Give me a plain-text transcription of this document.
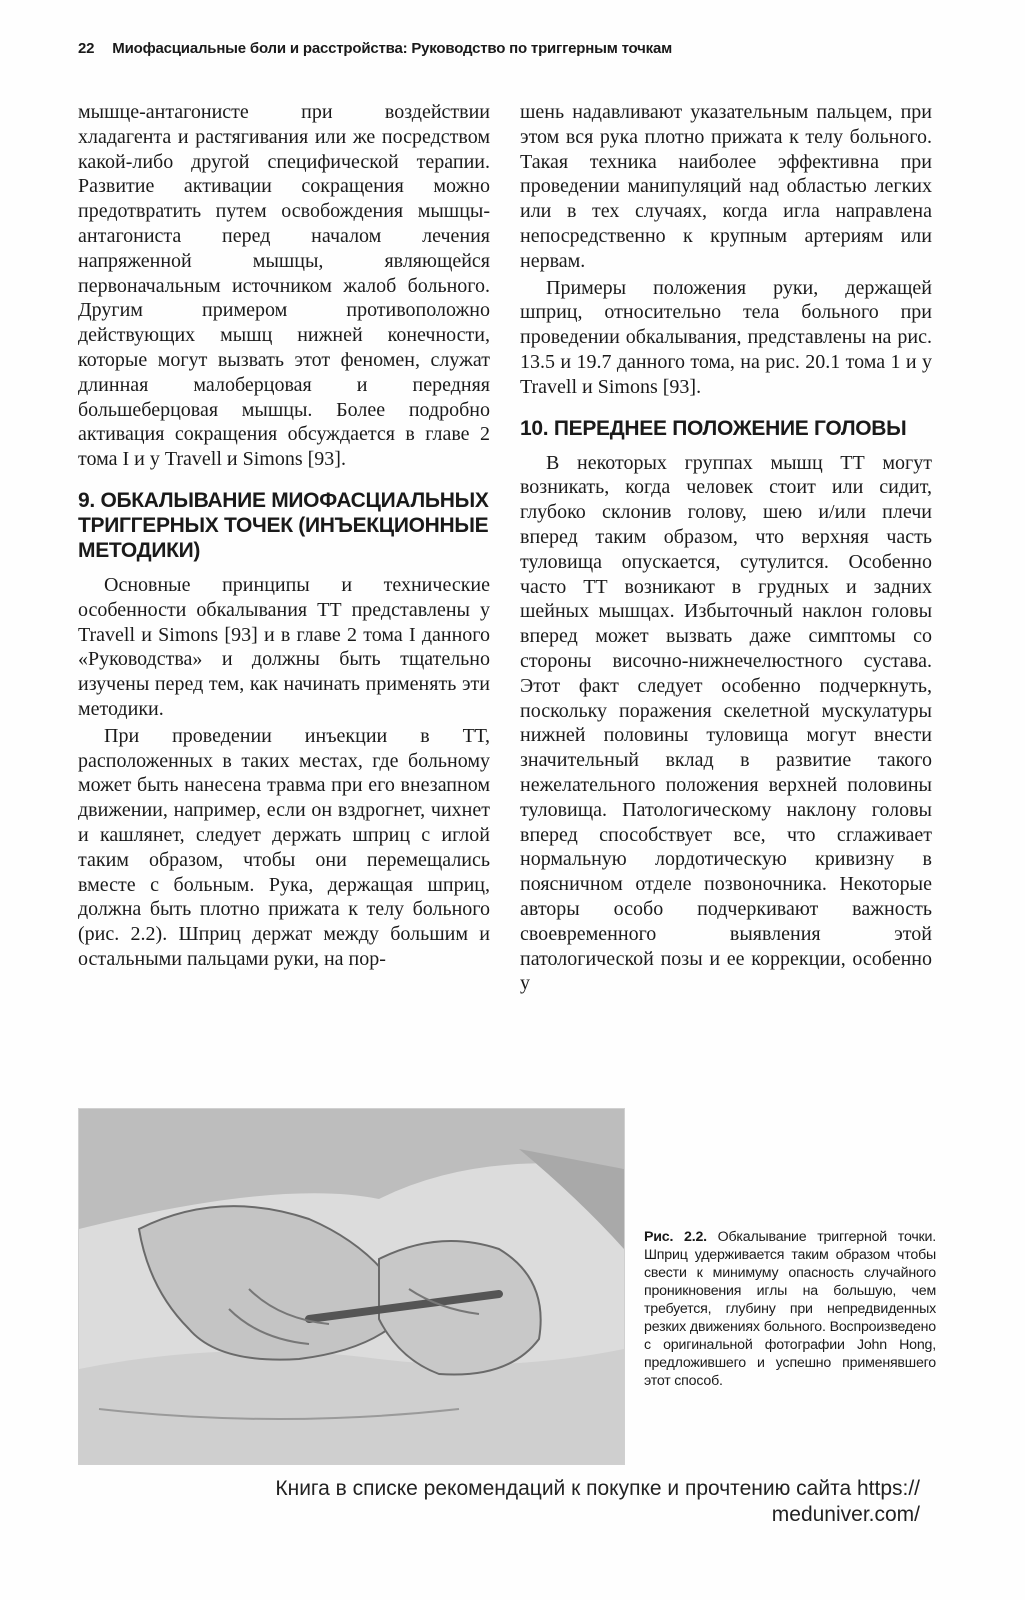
22 Миофасциальные боли и расстройства: Руководство по триггерным точкам

мышце-антагонисте при воздействии хладагента и растягивания или же посредством какой-либо другой специфической терапии. Развитие активации сокращения можно предотвратить путем освобождения мышцы-антагониста перед началом лечения напряженной мышцы, являющейся первоначальным источником жалоб больного. Другим примером противоположно действующих мышц нижней конечности, которые могут вызвать этот феномен, служат длинная малоберцовая и передняя большеберцовая мышцы. Более подробно активация сокращения обсуждается в главе 2 тома I и у Travell и Simons [93].

9. ОБКАЛЫВАНИЕ МИОФАСЦИАЛЬНЫХ ТРИГГЕРНЫХ ТОЧЕК (ИНЪЕКЦИОННЫЕ МЕТОДИКИ)

Основные принципы и технические особенности обкалывания ТТ представлены у Travell и Simons [93] и в главе 2 тома I данного «Руководства» и должны быть тщательно изучены перед тем, как начинать применять эти методики.

При проведении инъекции в ТТ, расположенных в таких местах, где больному может быть нанесена травма при его внезапном движении, например, если он вздрогнет, чихнет и кашлянет, следует держать шприц с иглой таким образом, чтобы они перемещались вместе с больным. Рука, держащая шприц, должна быть плотно прижата к телу больного (рис. 2.2). Шприц держат между большим и остальными пальцами руки, на пор-

шень надавливают указательным пальцем, при этом вся рука плотно прижата к телу больного. Такая техника наиболее эффективна при проведении манипуляций над областью легких или в тех случаях, когда игла направлена непосредственно к крупным артериям или нервам.

Примеры положения руки, держащей шприц, относительно тела больного при проведении обкалывания, представлены на рис. 13.5 и 19.7 данного тома, на рис. 20.1 тома 1 и у Travell и Simons [93].

10. ПЕРЕДНЕЕ ПОЛОЖЕНИЕ ГОЛОВЫ

В некоторых группах мышц ТТ могут возникать, когда человек стоит или сидит, глубоко склонив голову, шею и/или плечи вперед таким образом, что верхняя часть туловища опускается, сутулится. Особенно часто ТТ возникают в грудных и задних шейных мышцах. Избыточный наклон головы вперед может вызвать даже симптомы со стороны височно-нижнечелюстного сустава. Этот факт следует особенно подчеркнуть, поскольку поражения скелетной мускулатуры нижней половины туловища могут внести значительный вклад в развитие такого нежелательного положения верхней половины туловища. Патологическому наклону головы вперед способствует все, что сглаживает нормальную лордотическую кривизну в поясничном отделе позвоночника. Некоторые авторы особо подчеркивают важность своевременного выявления этой патологической позы и ее коррекции, особенно у

Рис. 2.2. Обкалывание триггерной точки. Шприц удерживается таким образом чтобы свести к минимуму опасность случайного проникновения иглы на большую, чем требуется, глубину при непредвиденных резких движениях больного. Воспроизведено с оригинальной фотографии John Hong, предложившего и успешно применявшего этот способ.
Книга в списке рекомендаций к покупке и прочтению сайта https:// meduniver.com/
